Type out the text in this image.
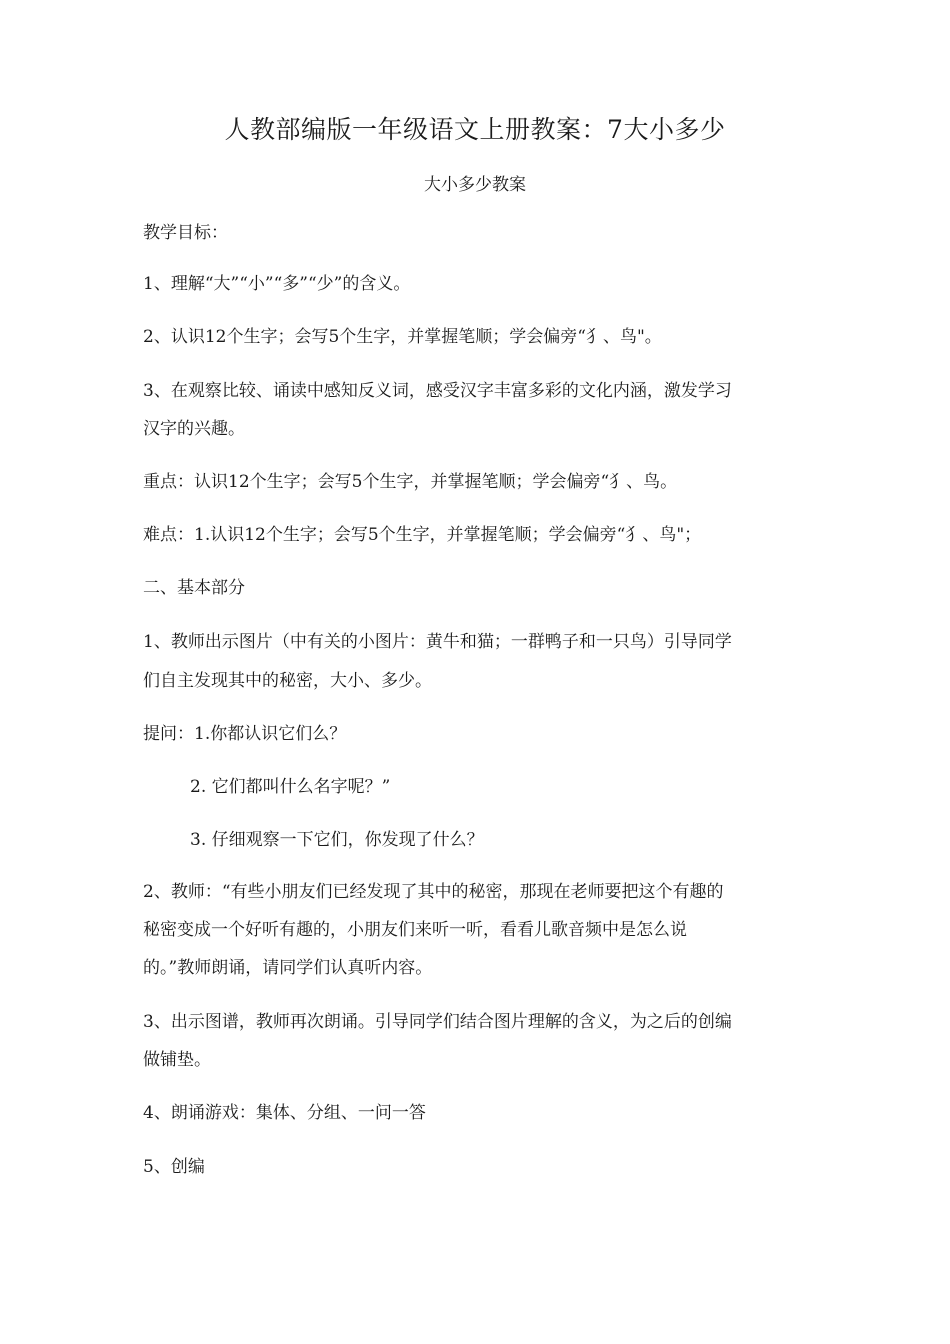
人教部编版一年级语文上册教案：7大小多少
大小多少教案
教学目标：
1、理解“大”“小”“多”“少”的含义。
2、认识12个生字；会写5个生字，并掌握笔顺；学会偏旁“犭、鸟"。
3、在观察比较、诵读中感知反义词，感受汉字丰富多彩的文化内涵，激发学习
汉字的兴趣。
重点：认识12个生字；会写5个生字，并掌握笔顺；学会偏旁“犭、鸟。
难点：1.认识12个生字；会写5个生字，并掌握笔顺；学会偏旁“犭、鸟"；
二、基本部分
1、教师出示图片（中有关的小图片：黄牛和猫；一群鸭子和一只鸟）引导同学
们自主发现其中的秘密，大小、多少。
提问：1.你都认识它们么？
2. 它们都叫什么名字呢？”
3. 仔细观察一下它们，你发现了什么？
2、教师：“有些小朋友们已经发现了其中的秘密，那现在老师要把这个有趣的
秘密变成一个好听有趣的，小朋友们来听一听，看看儿歌音频中是怎么说
的。”教师朗诵，请同学们认真听内容。
3、出示图谱，教师再次朗诵。引导同学们结合图片理解的含义，为之后的创编
做铺垫。
4、朗诵游戏：集体、分组、一问一答
5、创编
